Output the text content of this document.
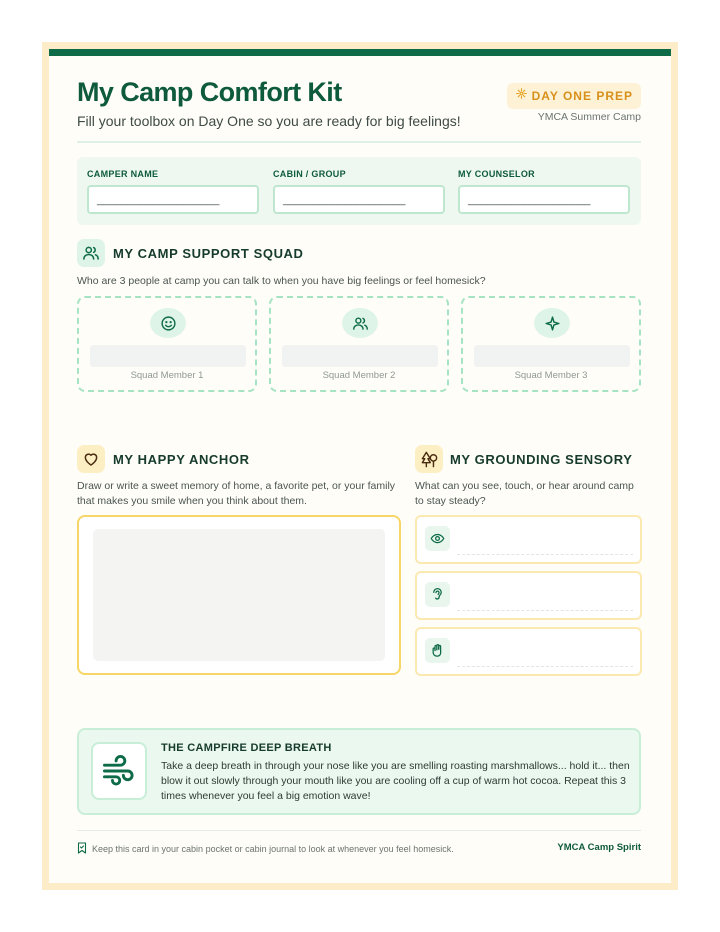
My Camp Comfort Kit
Fill your toolbox on Day One so you are ready for big feelings!
DAY ONE PREP
YMCA Summer Camp
CAMPER NAME
____________________
CABIN / GROUP
____________________
MY COUNSELOR
____________________
MY CAMP SUPPORT SQUAD
Who are 3 people at camp you can talk to when you have big feelings or feel homesick?
Squad Member 1	Squad Member 2	Squad Member 3
MY HAPPY ANCHOR
Draw or write a sweet memory of home, a favorite pet, or your family that makes you smile when you think about them.
MY GROUNDING SENSORY
What can you see, touch, or hear around camp to stay steady?
THE CAMPFIRE DEEP BREATH
Take a deep breath in through your nose like you are smelling roasting marshmallows... hold it... then blow it out slowly through your mouth like you are cooling off a cup of warm hot cocoa. Repeat this 3 times whenever you feel a big emotion wave!
Keep this card in your cabin pocket or cabin journal to look at whenever you feel homesick.	YMCA Camp Spirit
